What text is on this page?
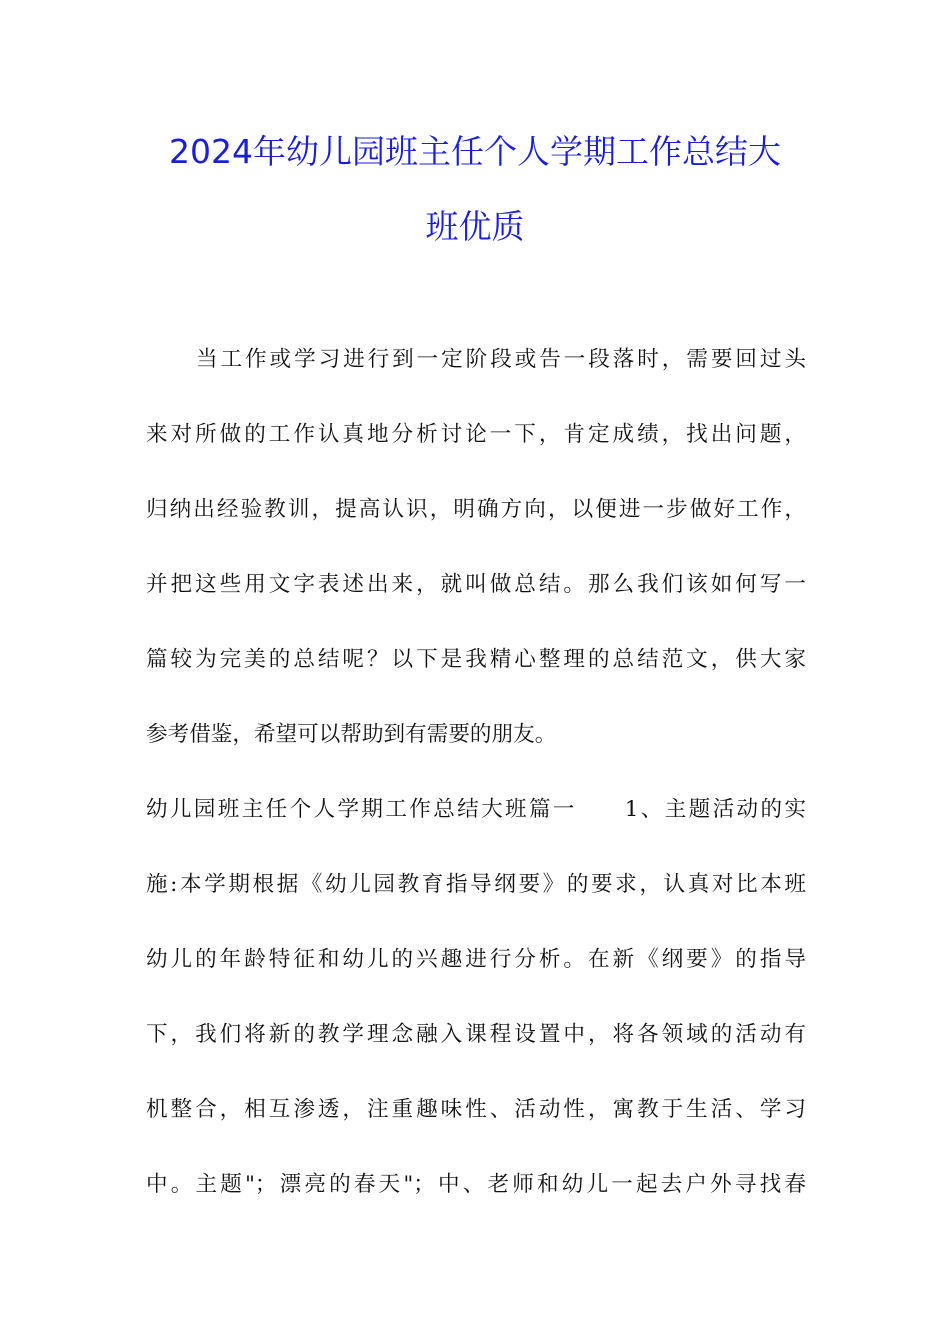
2024年幼儿园班主任个人学期工作总结大
班优质
当工作或学习进行到一定阶段或告一段落时，需要回过头
来对所做的工作认真地分析讨论一下，肯定成绩，找出问题，
归纳出经验教训，提高认识，明确方向，以便进一步做好工作，
并把这些用文字表述出来，就叫做总结。那么我们该如何写一
篇较为完美的总结呢？以下是我精心整理的总结范文，供大家
参考借鉴，希望可以帮助到有需要的朋友。
幼儿园班主任个人学期工作总结大班篇一　　1、主题活动的实
施:本学期根据《幼儿园教育指导纲要》的要求，认真对比本班
幼儿的年龄特征和幼儿的兴趣进行分析。在新《纲要》的指导
下，我们将新的教学理念融入课程设置中，将各领域的活动有
机整合，相互渗透，注重趣味性、活动性，寓教于生活、学习
中。主题"；漂亮的春天"；中、老师和幼儿一起去户外寻找春
